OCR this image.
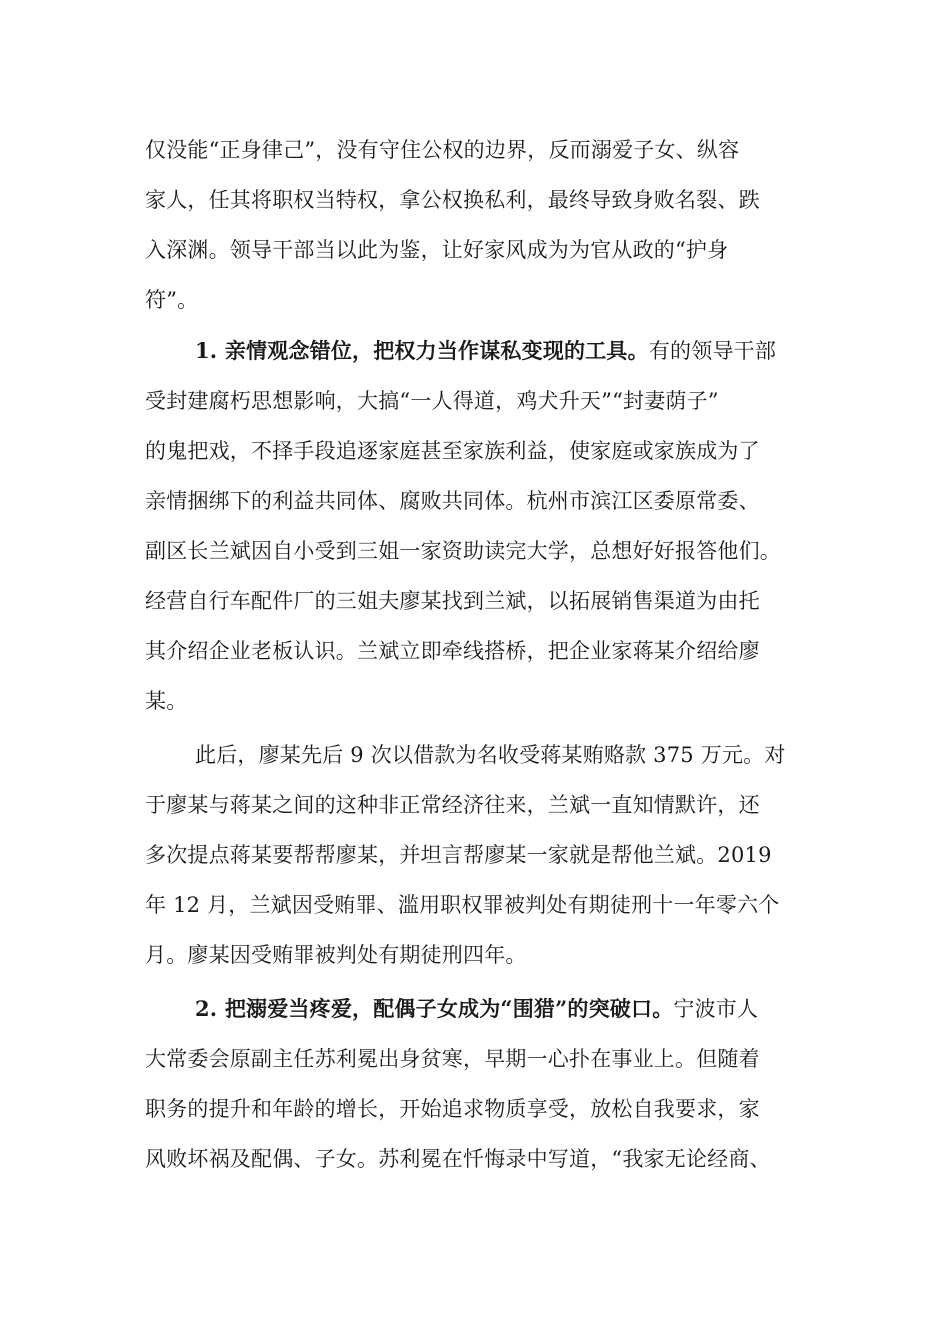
仅没能“正身律己”，没有守住公权的边界，反而溺爱子女、纵容
家人，任其将职权当特权，拿公权换私利，最终导致身败名裂、跌
入深渊。领导干部当以此为鉴，让好家风成为为官从政的“护身
符”。
1. 亲情观念错位，把权力当作谋私变现的工具。有的领导干部
受封建腐朽思想影响，大搞“一人得道，鸡犬升天”“封妻荫子”
的鬼把戏，不择手段追逐家庭甚至家族利益，使家庭或家族成为了
亲情捆绑下的利益共同体、腐败共同体。杭州市滨江区委原常委、
副区长兰斌因自小受到三姐一家资助读完大学，总想好好报答他们。
经营自行车配件厂的三姐夫廖某找到兰斌，以拓展销售渠道为由托
其介绍企业老板认识。兰斌立即牵线搭桥，把企业家蒋某介绍给廖
某。
此后，廖某先后 9 次以借款为名收受蒋某贿赂款 375 万元。对
于廖某与蒋某之间的这种非正常经济往来，兰斌一直知情默许，还
多次提点蒋某要帮帮廖某，并坦言帮廖某一家就是帮他兰斌。2019
年 12 月，兰斌因受贿罪、滥用职权罪被判处有期徒刑十一年零六个
月。廖某因受贿罪被判处有期徒刑四年。
2. 把溺爱当疼爱，配偶子女成为“围猎”的突破口。宁波市人
大常委会原副主任苏利冕出身贫寒，早期一心扑在事业上。但随着
职务的提升和年龄的增长，开始追求物质享受，放松自我要求，家
风败坏祸及配偶、子女。苏利冕在忏悔录中写道，“我家无论经商、
